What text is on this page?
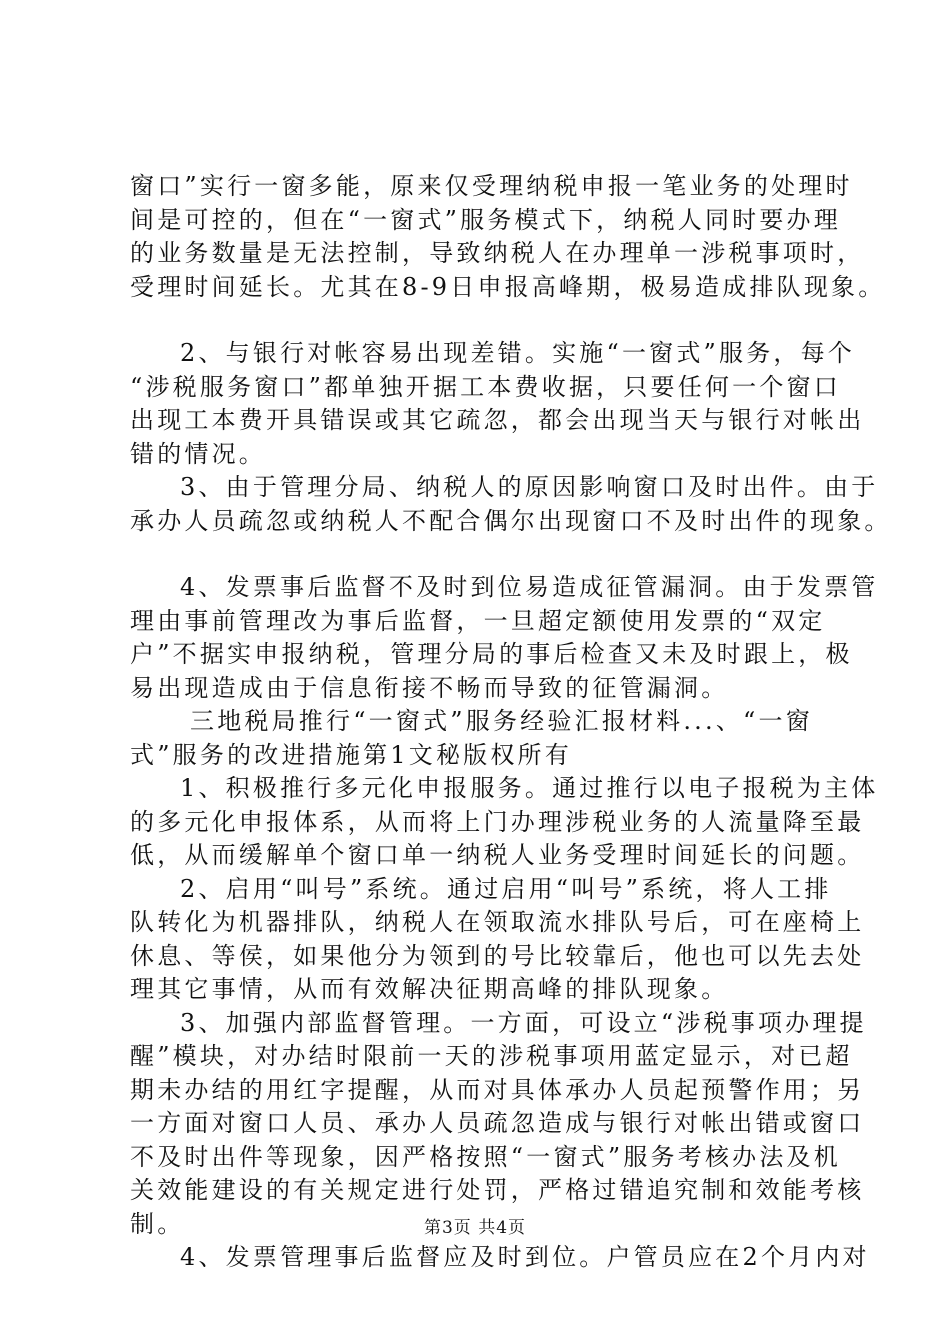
窗口”实行一窗多能，原来仅受理纳税申报一笔业务的处理时
间是可控的，但在“一窗式”服务模式下，纳税人同时要办理
的业务数量是无法控制，导致纳税人在办理单一涉税事项时，
受理时间延长。尤其在8-9日申报高峰期，极易造成排队现象。
2、与银行对帐容易出现差错。实施“一窗式”服务，每个
“涉税服务窗口”都单独开据工本费收据，只要任何一个窗口
出现工本费开具错误或其它疏忽，都会出现当天与银行对帐出
错的情况。
3、由于管理分局、纳税人的原因影响窗口及时出件。由于
承办人员疏忽或纳税人不配合偶尔出现窗口不及时出件的现象。
4、发票事后监督不及时到位易造成征管漏洞。由于发票管
理由事前管理改为事后监督，一旦超定额使用发票的“双定
户”不据实申报纳税，管理分局的事后检查又未及时跟上，极
易出现造成由于信息衔接不畅而导致的征管漏洞。
三地税局推行“一窗式”服务经验汇报材料...、“一窗
式”服务的改进措施第1文秘版权所有
1、积极推行多元化申报服务。通过推行以电子报税为主体
的多元化申报体系，从而将上门办理涉税业务的人流量降至最
低，从而缓解单个窗口单一纳税人业务受理时间延长的问题。
2、启用“叫号”系统。通过启用“叫号”系统，将人工排
队转化为机器排队，纳税人在领取流水排队号后，可在座椅上
休息、等侯，如果他分为领到的号比较靠后，他也可以先去处
理其它事情，从而有效解决征期高峰的排队现象。
3、加强内部监督管理。一方面，可设立“涉税事项办理提
醒”模块，对办结时限前一天的涉税事项用蓝定显示，对已超
期未办结的用红字提醒，从而对具体承办人员起预警作用；另
一方面对窗口人员、承办人员疏忽造成与银行对帐出错或窗口
不及时出件等现象，因严格按照“一窗式”服务考核办法及机
关效能建设的有关规定进行处罚，严格过错追究制和效能考核
制。
4、发票管理事后监督应及时到位。户管员应在2个月内对
第3页 共4页
